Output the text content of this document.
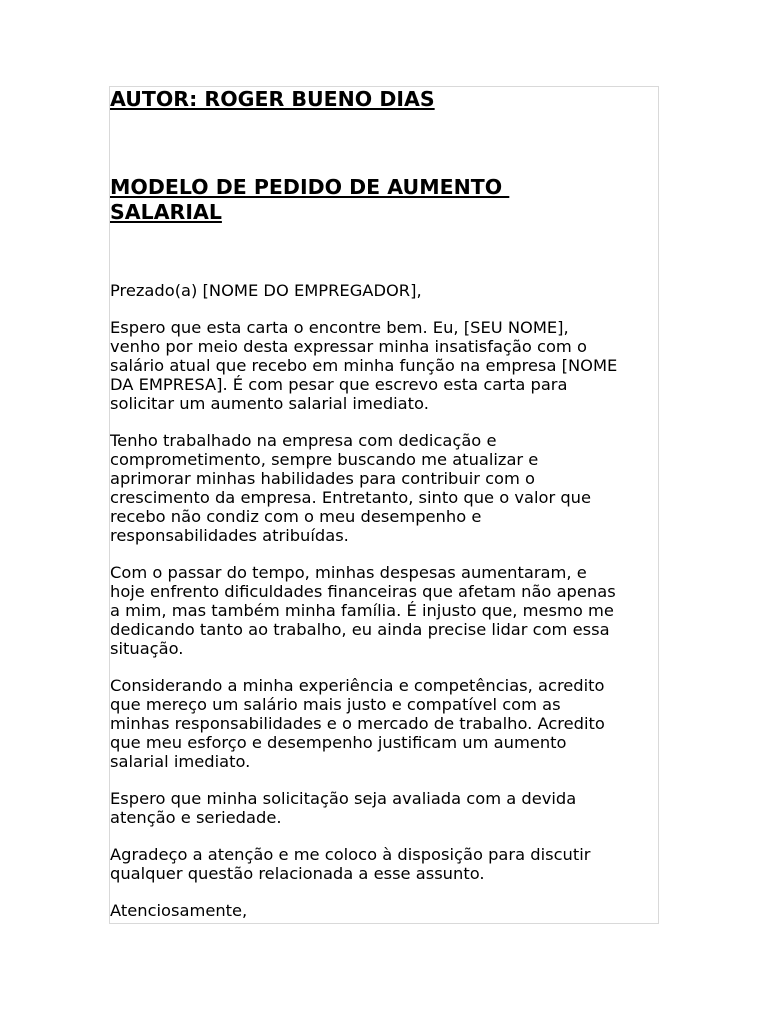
AUTOR: ROGER BUENO DIAS
MODELO DE PEDIDO DE AUMENTO
SALARIAL

Prezado(a) [NOME DO EMPREGADOR],

Espero que esta carta o encontre bem. Eu, [SEU NOME],
venho por meio desta expressar minha insatisfação com o
salário atual que recebo em minha função na empresa [NOME
DA EMPRESA]. É com pesar que escrevo esta carta para
solicitar um aumento salarial imediato.

Tenho trabalhado na empresa com dedicação e
comprometimento, sempre buscando me atualizar e
aprimorar minhas habilidades para contribuir com o
crescimento da empresa. Entretanto, sinto que o valor que
recebo não condiz com o meu desempenho e
responsabilidades atribuídas.

Com o passar do tempo, minhas despesas aumentaram, e
hoje enfrento dificuldades financeiras que afetam não apenas
a mim, mas também minha família. É injusto que, mesmo me
dedicando tanto ao trabalho, eu ainda precise lidar com essa
situação.

Considerando a minha experiência e competências, acredito
que mereço um salário mais justo e compatível com as
minhas responsabilidades e o mercado de trabalho. Acredito
que meu esforço e desempenho justificam um aumento
salarial imediato.

Espero que minha solicitação seja avaliada com a devida
atenção e seriedade.

Agradeço a atenção e me coloco à disposição para discutir
qualquer questão relacionada a esse assunto.

Atenciosamente,
